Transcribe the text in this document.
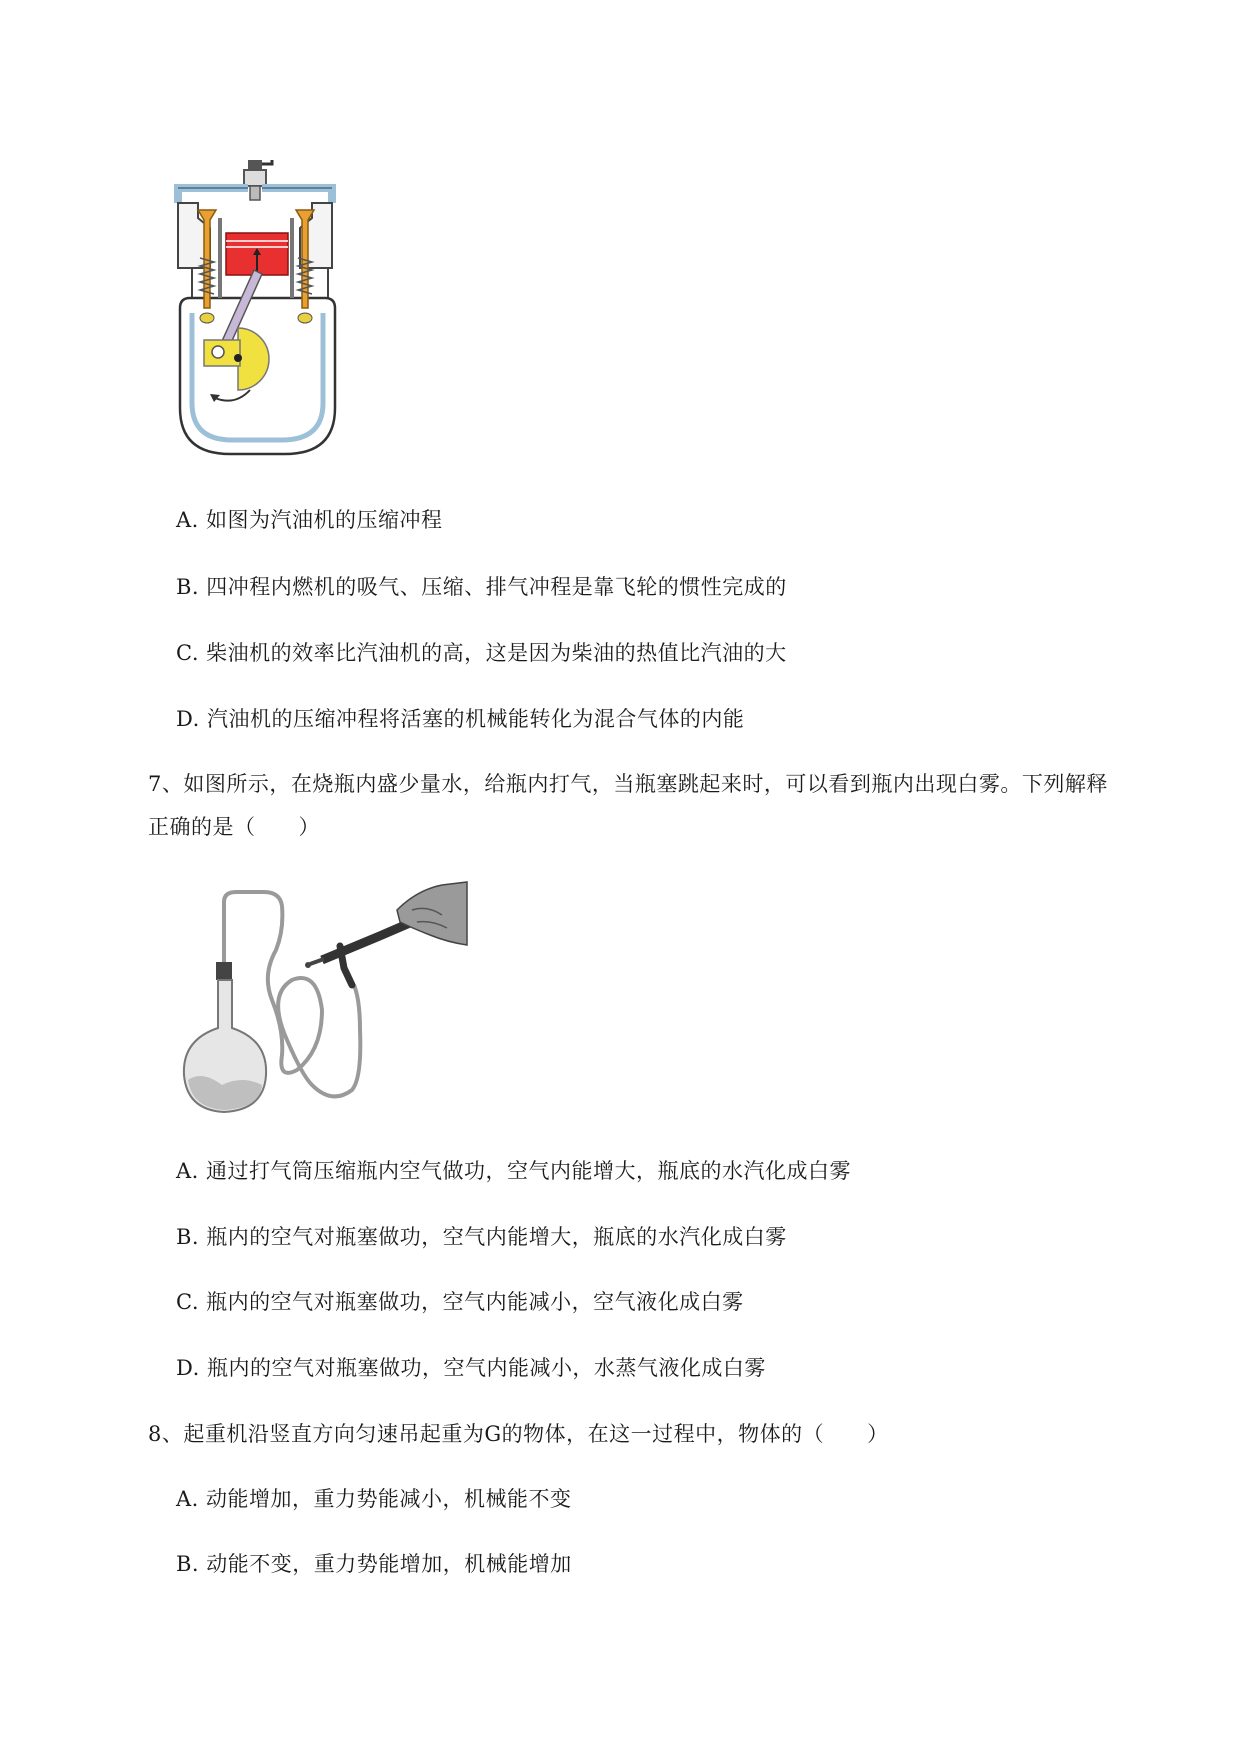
A. 如图为汽油机的压缩冲程
B. 四冲程内燃机的吸气、压缩、排气冲程是靠飞轮的惯性完成的
C. 柴油机的效率比汽油机的高，这是因为柴油的热值比汽油的大
D. 汽油机的压缩冲程将活塞的机械能转化为混合气体的内能
7、如图所示，在烧瓶内盛少量水，给瓶内打气，当瓶塞跳起来时，可以看到瓶内出现白雾。下列解释
正确的是（　　）
A. 通过打气筒压缩瓶内空气做功，空气内能增大，瓶底的水汽化成白雾
B. 瓶内的空气对瓶塞做功，空气内能增大，瓶底的水汽化成白雾
C. 瓶内的空气对瓶塞做功，空气内能减小，空气液化成白雾
D. 瓶内的空气对瓶塞做功，空气内能减小，水蒸气液化成白雾
8、起重机沿竖直方向匀速吊起重为G的物体，在这一过程中，物体的（　　）
A. 动能增加，重力势能减小，机械能不变
B. 动能不变，重力势能增加，机械能增加
